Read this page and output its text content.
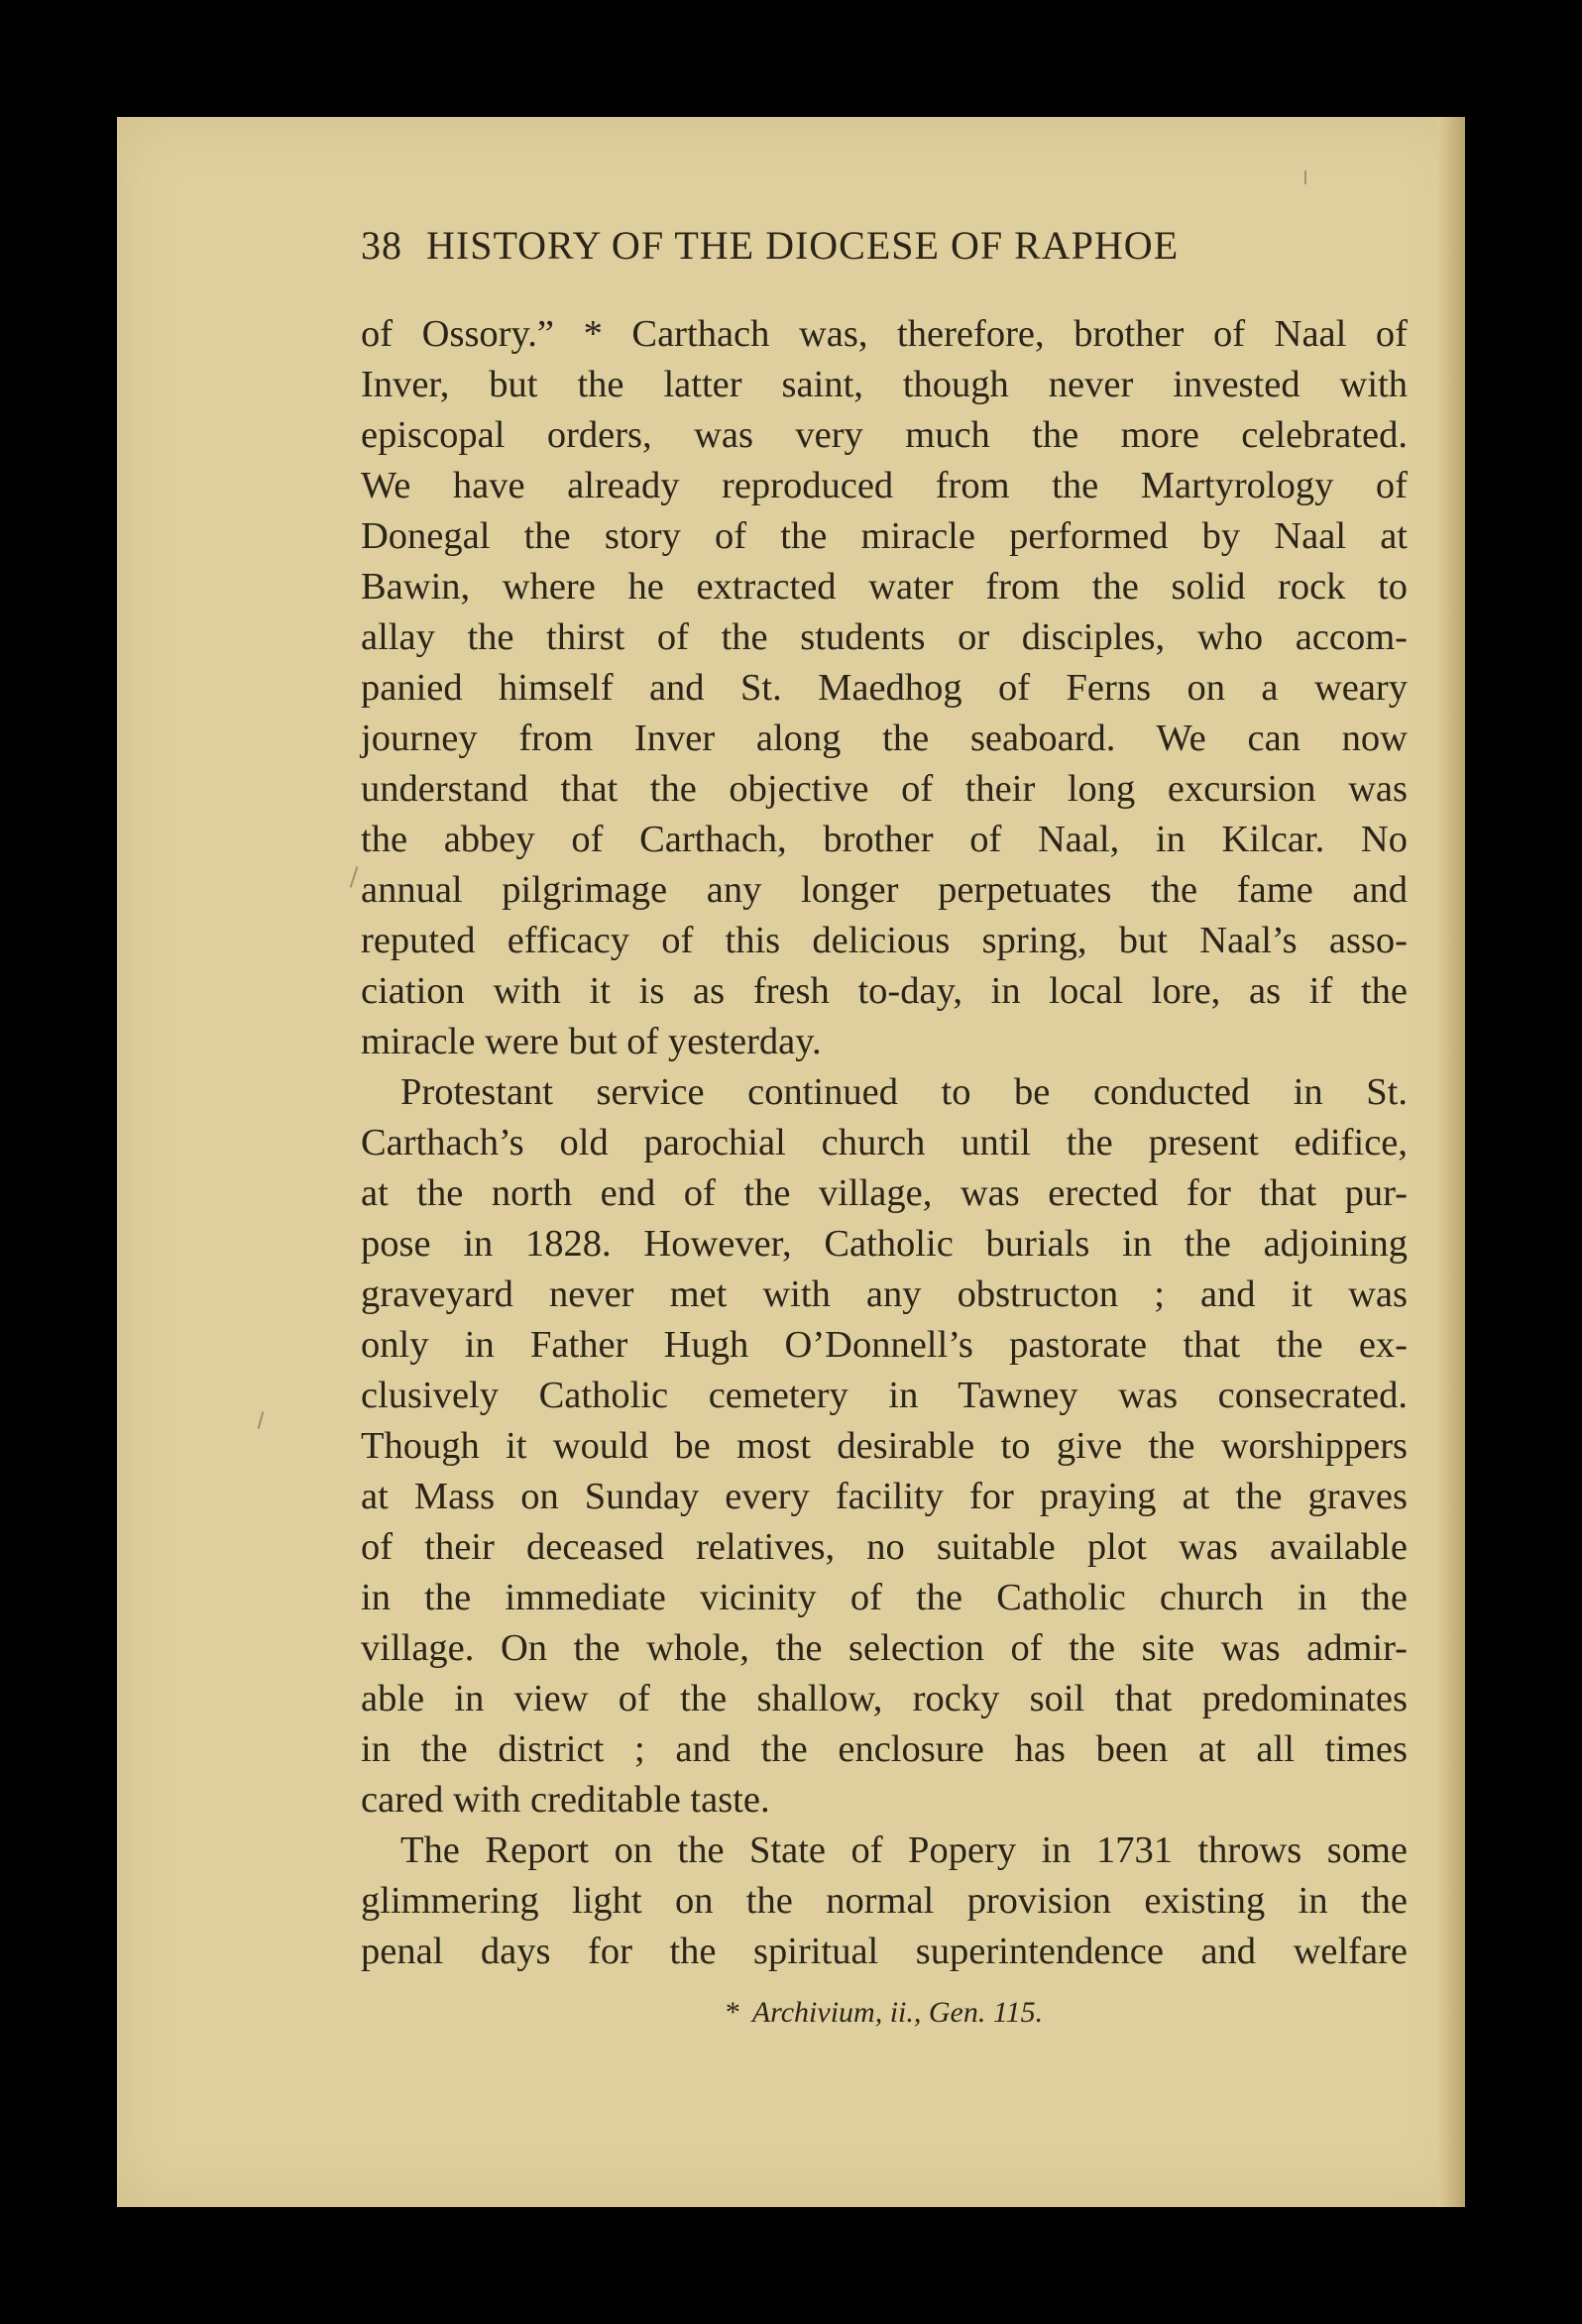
38 HISTORY OF THE DIOCESE OF RAPHOE
of Ossory.” * Carthach was, therefore, brother of Naal of
Inver, but the latter saint, though never invested with
episcopal orders, was very much the more celebrated.
We have already reproduced from the Martyrology of
Donegal the story of the miracle performed by Naal at
Bawin, where he extracted water from the solid rock to
allay the thirst of the students or disciples, who accom-
panied himself and St. Maedhog of Ferns on a weary
journey from Inver along the seaboard. We can now
understand that the objective of their long excursion was
the abbey of Carthach, brother of Naal, in Kilcar. No
annual pilgrimage any longer perpetuates the fame and
reputed efficacy of this delicious spring, but Naal’s asso-
ciation with it is as fresh to-day, in local lore, as if the
miracle were but of yesterday.
Protestant service continued to be conducted in St.
Carthach’s old parochial church until the present edifice,
at the north end of the village, was erected for that pur-
pose in 1828. However, Catholic burials in the adjoining
graveyard never met with any obstructon ; and it was
only in Father Hugh O’Donnell’s pastorate that the ex-
clusively Catholic cemetery in Tawney was consecrated.
Though it would be most desirable to give the worshippers
at Mass on Sunday every facility for praying at the graves
of their deceased relatives, no suitable plot was available
in the immediate vicinity of the Catholic church in the
village. On the whole, the selection of the site was admir-
able in view of the shallow, rocky soil that predominates
in the district ; and the enclosure has been at all times
cared with creditable taste.
The Report on the State of Popery in 1731 throws some
glimmering light on the normal provision existing in the
penal days for the spiritual superintendence and welfare
* Archivium, ii., Gen. 115.
